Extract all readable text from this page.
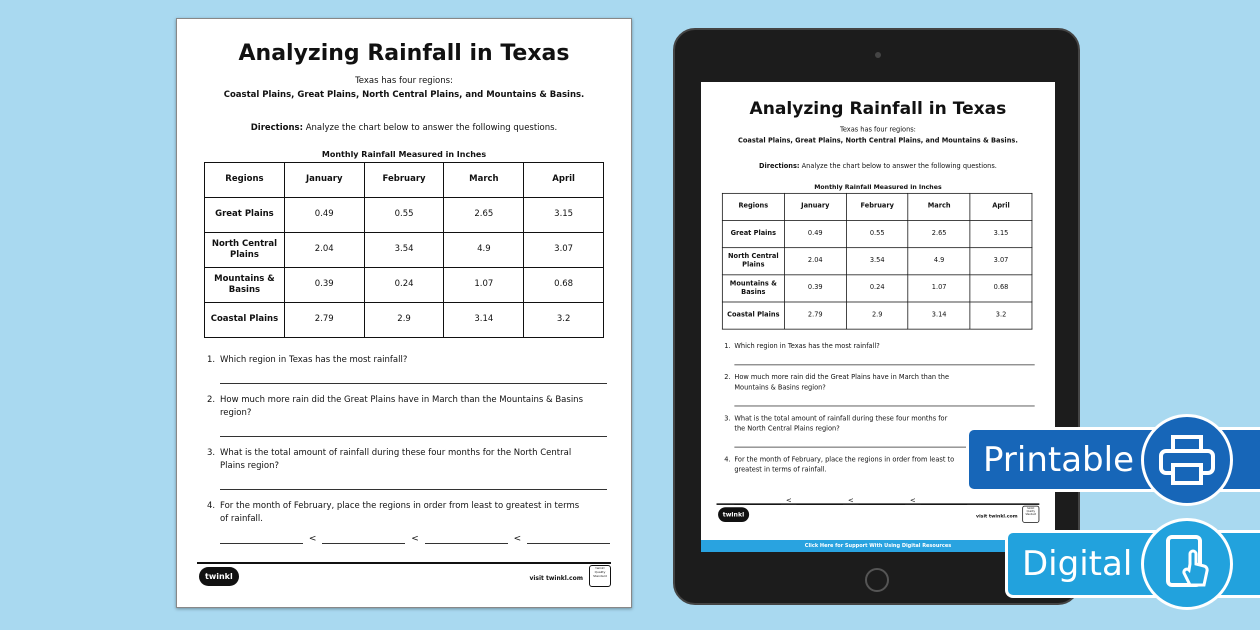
Analyzing Rainfall in Texas
Texas has four regions:
Coastal Plains, Great Plains, North Central Plains, and Mountains & Basins.
Directions: Analyze the chart below to answer the following questions.
Monthly Rainfall Measured in Inches
Regions	January	February	March	April
Great Plains	0.49	0.55	2.65	3.15
North Central Plains	2.04	3.54	4.9	3.07
Mountains & Basins	0.39	0.24	1.07	0.68
Coastal Plains	2.79	2.9	3.14	3.2
1. Which region in Texas has the most rainfall?
2. How much more rain did the Great Plains have in March than the Mountains & Basins region?
3. What is the total amount of rainfall during these four months for the North Central Plains region?
4. For the month of February, place the regions in order from least to greatest in terms of rainfall.
<	<	<
twinkl	visit twinkl.com
twinkl Quality Standard
Analyzing Rainfall in Texas
Texas has four regions:
Coastal Plains, Great Plains, North Central Plains, and Mountains & Basins.
Directions: Analyze the chart below to answer the following questions.
Monthly Rainfall Measured in Inches
Regions	January	February	March	April
Great Plains	0.49	0.55	2.65	3.15
North Central Plains	2.04	3.54	4.9	3.07
Mountains & Basins	0.39	0.24	1.07	0.68
Coastal Plains	2.79	2.9	3.14	3.2
1. Which region in Texas has the most rainfall?
2. How much more rain did the Great Plains have in March than the Mountains & Basins region?
3. What is the total amount of rainfall during these four months for the North Central Plains region?
4. For the month of February, place the regions in order from least to greatest in terms of rainfall.
<	<	<
twinkl	visit twinkl.com
twinkl Quality Standard
Click Here for Support With Using Digital Resources
Printable
Digital
